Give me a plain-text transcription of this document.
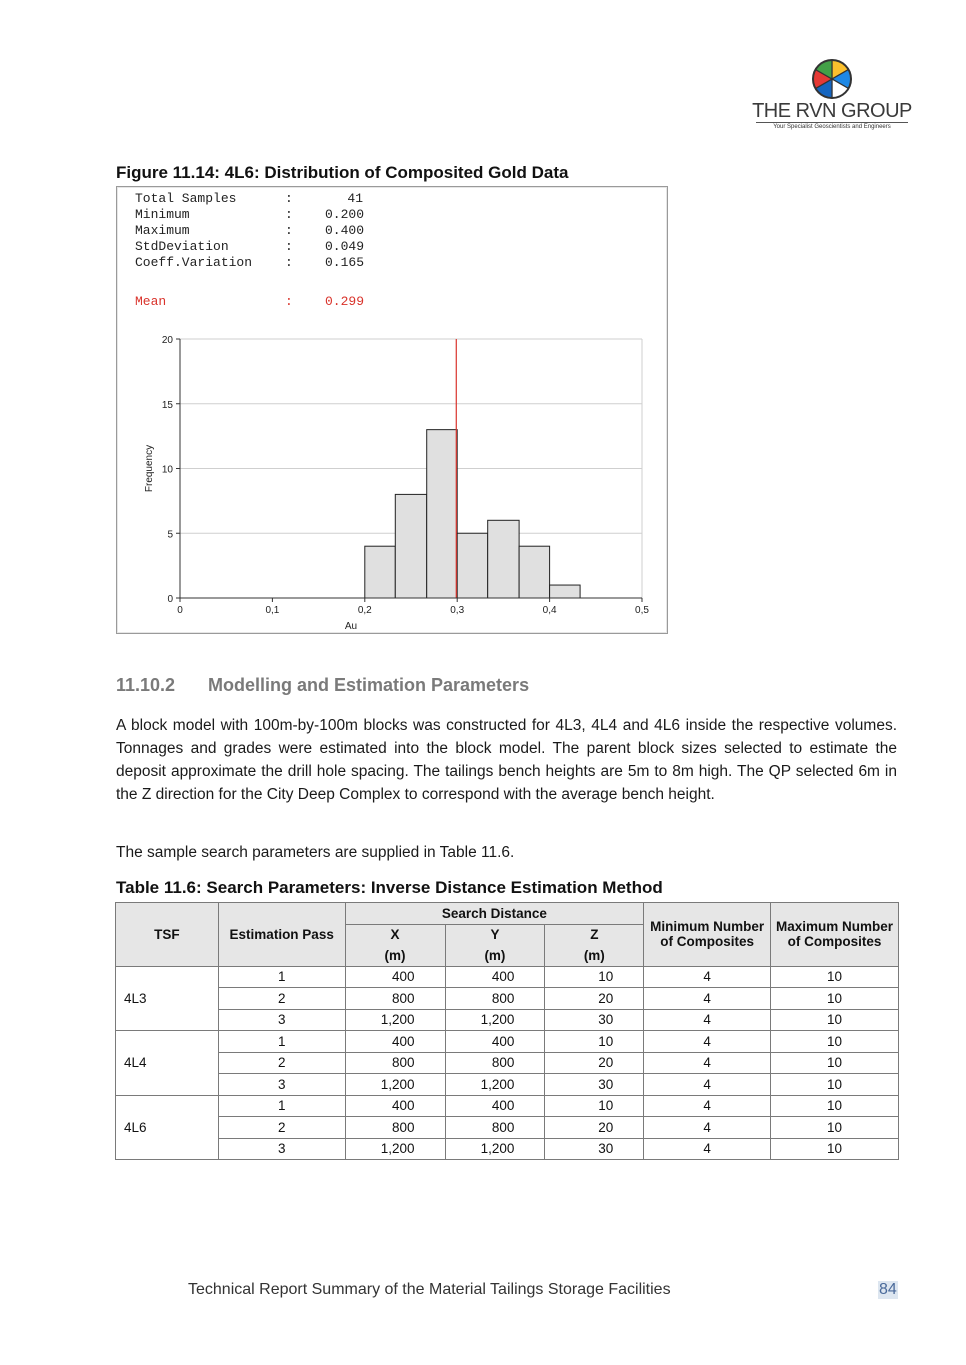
THE RVN GROUP
Your Specialist Geoscientists and Engineers
Figure 11.14: 4L6: Distribution of Composited Gold Data
Total Samples	:	41
Minimum	: 0.200
Maximum	: 0.400
StdDeviation	: 0.049
Coeff.Variation	: 0.165
Mean	: 0.299
0
5
10
15
20
0	0,1	0,2	0,3	0,4	0,5
Au
Frequency
11.10.2 Modelling and Estimation Parameters
A block model with 100m-by-100m blocks was constructed for 4L3, 4L4 and 4L6 inside the respective volumes. Tonnages and grades were estimated into the block model. The parent block sizes selected to estimate the deposit approximate the drill hole spacing. The tailings bench heights are 5m to 8m high. The QP selected 6m in the Z direction for the City Deep Complex to correspond with the average bench height.
The sample search parameters are supplied in Table 11.6.
Table 11.6: Search Parameters: Inverse Distance Estimation Method
TSF	Estimation Pass	Search Distance			Minimum Number of Composites	Maximum Number of Composites
		X	Y	Z		
		(m)	(m)	(m)		
4L3	1	400	400	10	4	10
	2	800	800	20	4	10
	3	1,200	1,200	30	4	10
4L4	1	400	400	10	4	10
	2	800	800	20	4	10
	3	1,200	1,200	30	4	10
4L6	1	400	400	10	4	10
	2	800	800	20	4	10
	3	1,200	1,200	30	4	10
Technical Report Summary of the Material Tailings Storage Facilities	84
